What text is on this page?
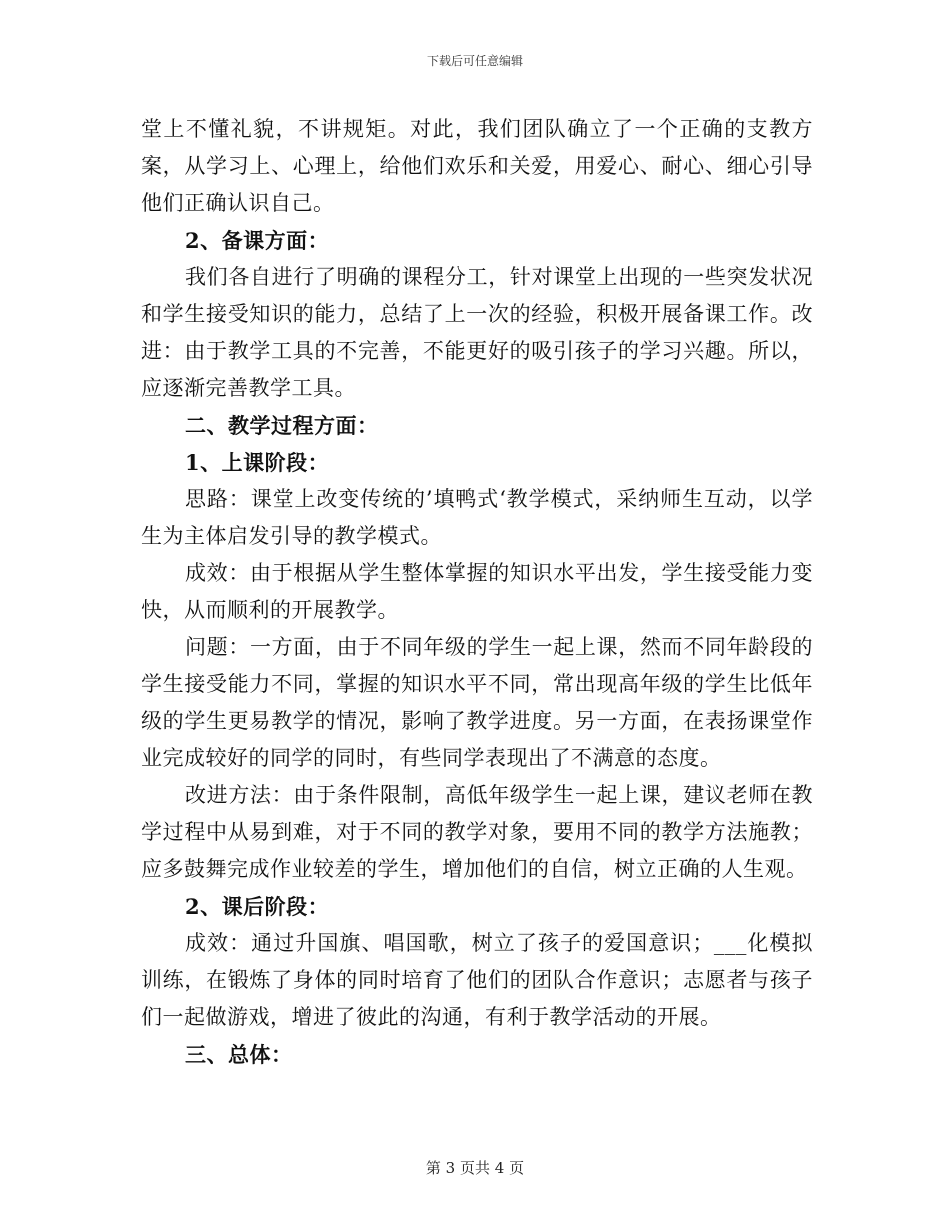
下载后可任意编辑

堂上不懂礼貌，不讲规矩。对此，我们团队确立了一个正确的支教方案，从学习上、心理上，给他们欢乐和关爱，用爱心、耐心、细心引导他们正确认识自己。

2、备课方面：

我们各自进行了明确的课程分工，针对课堂上出现的一些突发状况和学生接受知识的能力，总结了上一次的经验，积极开展备课工作。改进：由于教学工具的不完善，不能更好的吸引孩子的学习兴趣。所以，应逐渐完善教学工具。

二、教学过程方面：

1、上课阶段：

思路：课堂上改变传统的’填鸭式‘教学模式，采纳师生互动，以学生为主体启发引导的教学模式。

成效：由于根据从学生整体掌握的知识水平出发，学生接受能力变快，从而顺利的开展教学。

问题：一方面，由于不同年级的学生一起上课，然而不同年龄段的学生接受能力不同，掌握的知识水平不同，常出现高年级的学生比低年级的学生更易教学的情况，影响了教学进度。另一方面，在表扬课堂作业完成较好的同学的同时，有些同学表现出了不满意的态度。

改进方法：由于条件限制，高低年级学生一起上课，建议老师在教学过程中从易到难，对于不同的教学对象，要用不同的教学方法施教；应多鼓舞完成作业较差的学生，增加他们的自信，树立正确的人生观。

2、课后阶段：

成效：通过升国旗、唱国歌，树立了孩子的爱国意识；___化模拟训练，在锻炼了身体的同时培育了他们的团队合作意识；志愿者与孩子们一起做游戏，增进了彼此的沟通，有利于教学活动的开展。

三、总体：

第 3 页共 4 页
